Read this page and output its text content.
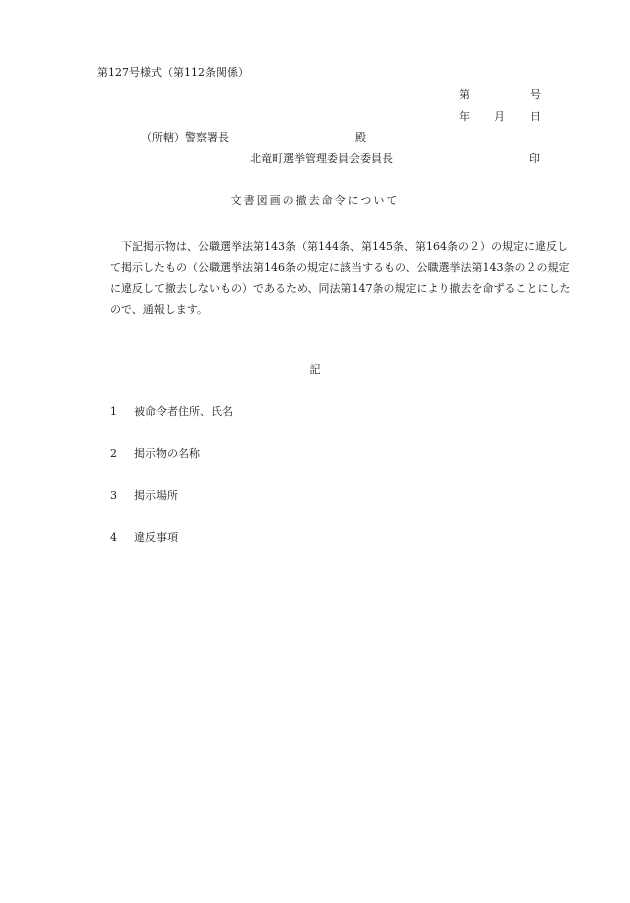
第127号様式（第112条関係）
第	号
年 月 日
（所轄）警察署長	殿
北竜町選挙管理委員会委員長	印
文書図画の撤去命令について
下記掲示物は、公職選挙法第143条（第144条、第145条、第164条の２）の規定に違反して掲示したもの（公職選挙法第146条の規定に該当するもの、公職選挙法第143条の２の規定に違反して撤去しないもの）であるため、同法第147条の規定により撤去を命ずることにしたので、通報します。
記
1 被命令者住所、氏名
2 掲示物の名称
3 掲示場所
4 違反事項
